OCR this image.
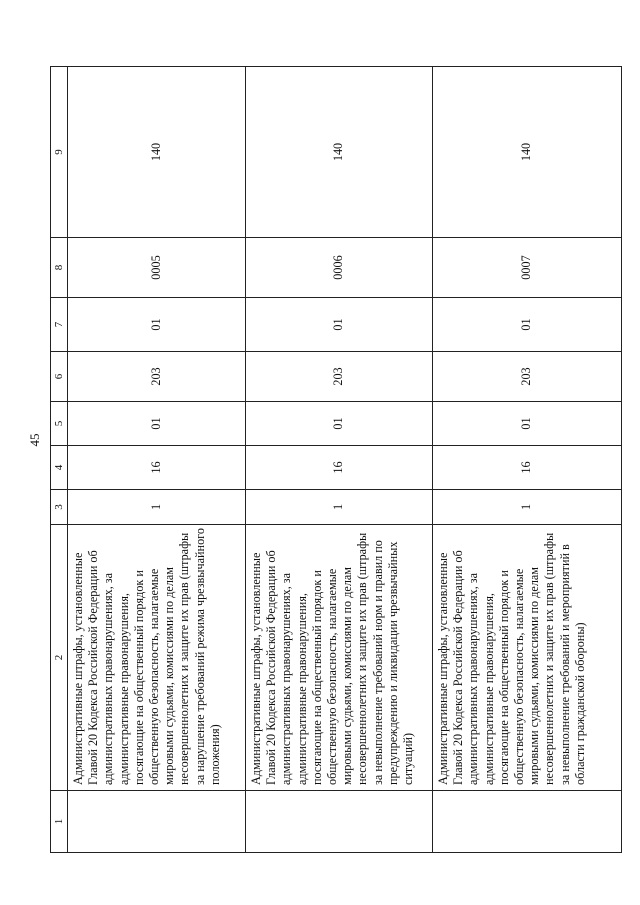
45
1	2	3	4	5	6	7	8	9
	Административные штрафы, установленные Главой 20 Кодекса Российской Федерации об административных правонарушениях, за административные правонарушения, посягающие на общественный порядок и общественную безопасность, налагаемые мировыми судьями, комиссиями по делам несовершеннолетних и защите их прав (штрафы за нарушение требований режима чрезвычайного положения)	1	16	01	203	01	0005	140
	Административные штрафы, установленные Главой 20 Кодекса Российской Федерации об административных правонарушениях, за административные правонарушения, посягающие на общественный порядок и общественную безопасность, налагаемые мировыми судьями, комиссиями по делам несовершеннолетних и защите их прав (штрафы за невыполнение требований норм и правил по предупреждению и ликвидации чрезвычайных ситуаций)	1	16	01	203	01	0006	140
	Административные штрафы, установленные Главой 20 Кодекса Российской Федерации об административных правонарушениях, за административные правонарушения, посягающие на общественный порядок и общественную безопасность, налагаемые мировыми судьями, комиссиями по делам несовершеннолетних и защите их прав (штрафы за невыполнение требований и мероприятий в области гражданской обороны)	1	16	01	203	01	0007	140
